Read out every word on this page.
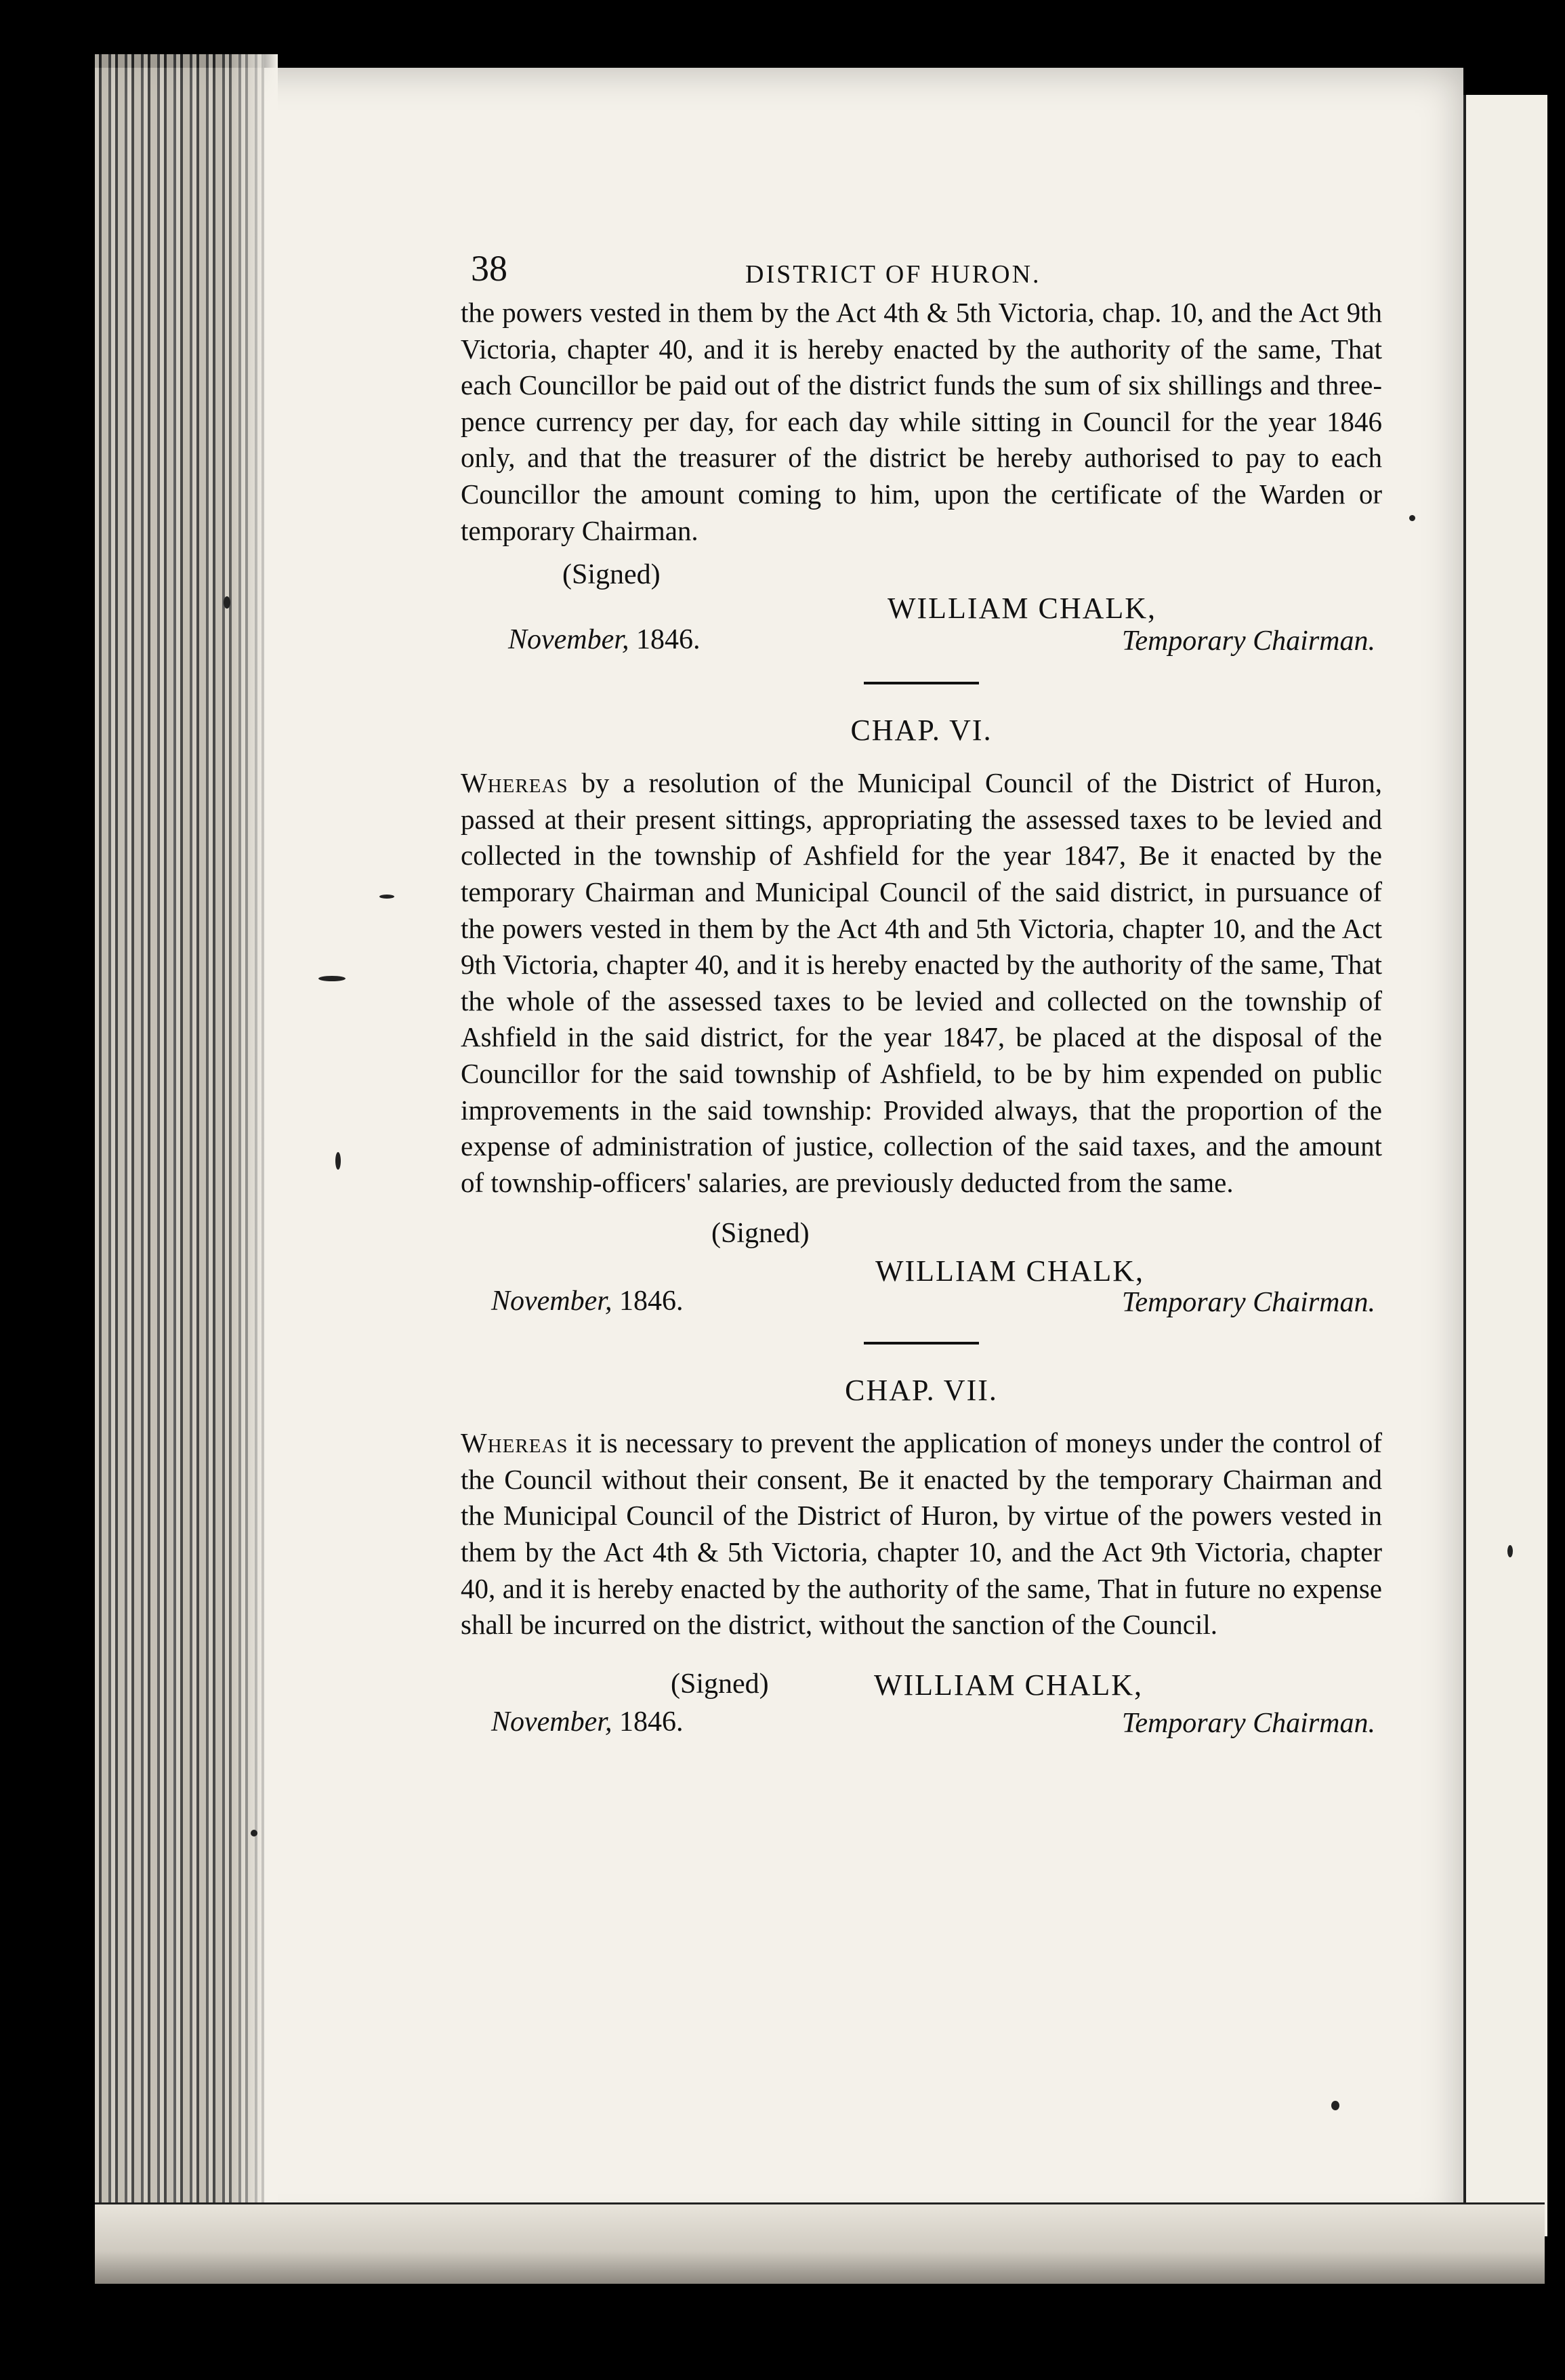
38	DISTRICT OF HURON.

the powers vested in them by the Act 4th & 5th Victoria, chap. 10, and the Act 9th Victoria, chapter 40, and it is hereby enacted by the authority of the same, That each Councillor be paid out of the district funds the sum of six shillings and three-pence currency per day, for each day while sitting in Council for the year 1846 only, and that the treasurer of the district be hereby authorised to pay to each Councillor the amount coming to him, upon the certificate of the Warden or temporary Chairman.

(Signed)
WILLIAM CHALK,
November, 1846.	Temporary Chairman.
CHAP. VI.

Whereas by a resolution of the Municipal Council of the District of Huron, passed at their present sittings, appropriating the assessed taxes to be levied and collected in the township of Ashfield for the year 1847, Be it enacted by the temporary Chairman and Municipal Council of the said district, in pursuance of the powers vested in them by the Act 4th and 5th Victoria, chapter 10, and the Act 9th Victoria, chapter 40, and it is hereby enacted by the authority of the same, That the whole of the assessed taxes to be levied and collected on the township of Ashfield in the said district, for the year 1847, be placed at the disposal of the Councillor for the said township of Ashfield, to be by him expended on public improvements in the said township: Provided always, that the proportion of the expense of administration of justice, collection of the said taxes, and the amount of township-officers' salaries, are previously deducted from the same.

(Signed)
WILLIAM CHALK,
November, 1846.	Temporary Chairman.
CHAP. VII.

Whereas it is necessary to prevent the application of moneys under the control of the Council without their consent, Be it enacted by the temporary Chairman and the Municipal Council of the District of Huron, by virtue of the powers vested in them by the Act 4th & 5th Victoria, chapter 10, and the Act 9th Victoria, chapter 40, and it is hereby enacted by the authority of the same, That in future no expense shall be incurred on the district, without the sanction of the Council.

(Signed)	WILLIAM CHALK,
November, 1846.	Temporary Chairman.
